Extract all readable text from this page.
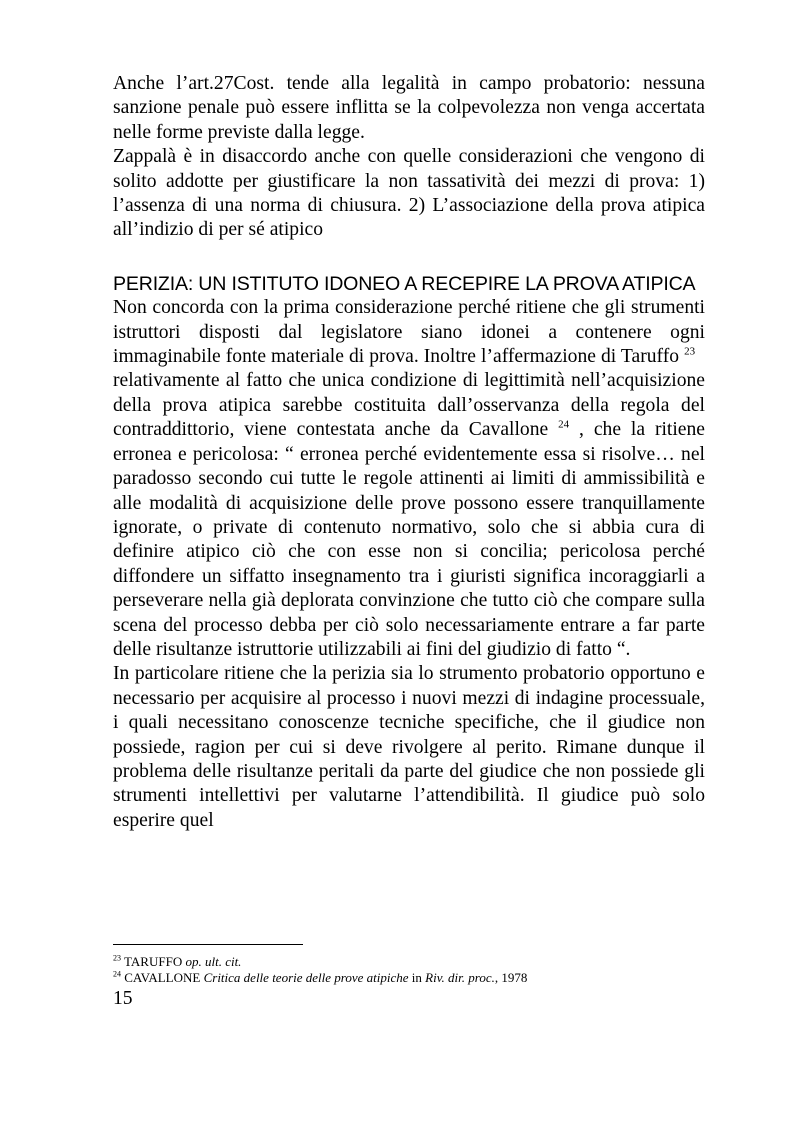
Anche l’art.27Cost. tende alla legalità in campo probatorio: nessuna sanzione penale può essere inflitta se la colpevolezza non venga accertata nelle forme previste dalla legge.

Zappalà è in disaccordo anche con quelle considerazioni che vengono di solito addotte per giustificare la non tassatività dei mezzi di prova: 1) l’assenza di una norma di chiusura. 2) L’associazione della prova atipica all’indizio di per sé atipico

PERIZIA: UN ISTITUTO IDONEO A RECEPIRE LA PROVA ATIPICA

Non concorda con la prima considerazione perché ritiene che gli strumenti istruttori disposti dal legislatore siano idonei a contenere ogni immaginabile fonte materiale di prova. Inoltre l’affermazione di Taruffo $^{23}$   relativamente al fatto che unica condizione di legittimità nell’acquisizione della prova atipica sarebbe costituita dall’osservanza della regola del contraddittorio, viene contestata anche da Cavallone $^{24}$ , che la ritiene erronea e pericolosa: “ erronea perché evidentemente essa si risolve… nel paradosso secondo cui tutte le regole attinenti ai limiti di ammissibilità e alle modalità di acquisizione delle prove possono essere tranquillamente ignorate, o private di contenuto normativo, solo che si abbia cura di definire atipico ciò che con esse non si concilia; pericolosa perché diffondere un siffatto insegnamento tra i giuristi significa incoraggiarli a perseverare nella già deplorata convinzione che tutto ciò che compare sulla scena del processo debba per ciò solo necessariamente entrare a far parte delle risultanze istruttorie utilizzabili ai fini del giudizio di fatto “.

In particolare ritiene che la perizia sia lo strumento probatorio opportuno e necessario per acquisire al processo i nuovi mezzi di indagine processuale, i quali necessitano conoscenze tecniche specifiche, che il giudice non possiede, ragion per cui si deve rivolgere al perito. Rimane dunque il problema delle risultanze peritali da parte del giudice che non possiede gli strumenti intellettivi per valutarne l’attendibilità. Il giudice può solo esperire quel

$^{23}$ TARUFFO op. ult. cit.
$^{24}$ CAVALLONE Critica delle teorie delle prove atipiche in Riv. dir. proc., 1978
15
